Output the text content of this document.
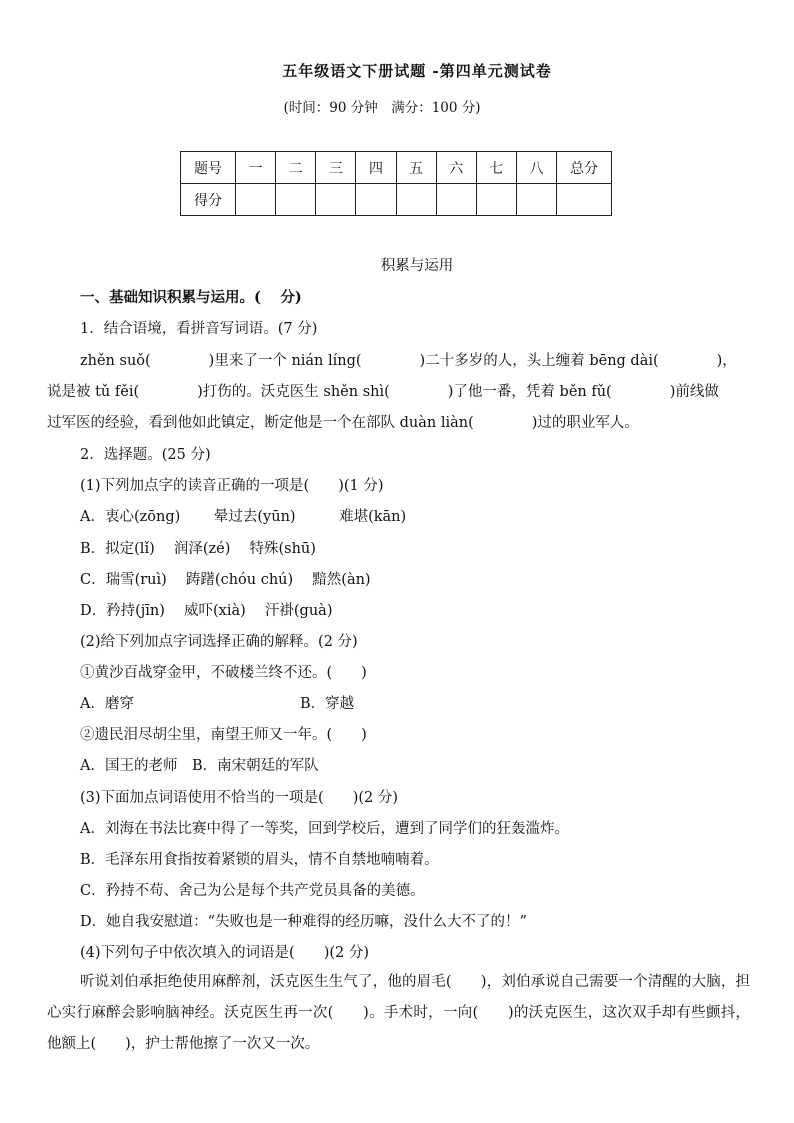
五年级语文下册试题 -第四单元测试卷
(时间：90 分钟　满分：100 分)
题号	一	二	三	四	五	六	七	八	总分
得分									
积累与运用
一、基础知识积累与运用。(　 分)
1．结合语境，看拼音写词语。(7 分)
zhěn suǒ(　　　　)里来了一个 nián líng(　　　　)二十多岁的人，头上缠着 bēng dài(　　　　)，
说是被 tǔ fěi(　　　　)打伤的。沃克医生 shěn shì(　　　　)了他一番，凭着 běn fǔ(　　　　)前线做
过军医的经验，看到他如此镇定，断定他是一个在部队 duàn liàn(　　　　)过的职业军人。
2．选择题。(25 分)
(1)下列加点字的读音正确的一项是(　　)(1 分)
A．衷心(zōng)　　 晕过去(yūn)　　　难堪(kān)
B．拟定(lǐ)　 润泽(zé)　 特殊(shū)
C．瑞雪(ruì)　 踌躇(chóu chú)　 黯然(àn)
D．矜持(jīn)　 威吓(xià)　 汗褂(guà)
(2)给下列加点字词选择正确的解释。(2 分)
①黄沙百战穿金甲，不破楼兰终不还。(　　)
A．磨穿	B．穿越
②遗民泪尽胡尘里，南望王师又一年。(　　)
A．国王的老师　B．南宋朝廷的军队
(3)下面加点词语使用不恰当的一项是(　　)(2 分)
A．刘海在书法比赛中得了一等奖，回到学校后，遭到了同学们的狂轰滥炸。
B．毛泽东用食指按着紧锁的眉头，情不自禁地喃喃着。
C．矜持不苟、舍己为公是每个共产党员具备的美德。
D．她自我安慰道：“失败也是一种难得的经历嘛，没什么大不了的！”
(4)下列句子中依次填入的词语是(　　)(2 分)
听说刘伯承拒绝使用麻醉剂，沃克医生生气了，他的眉毛(　　)，刘伯承说自己需要一个清醒的大脑，担心实行麻醉会影响脑神经。沃克医生再一次(　　)。手术时，一向(　　)的沃克医生，这次双手却有些颤抖，他额上(　　)，护士帮他擦了一次又一次。
